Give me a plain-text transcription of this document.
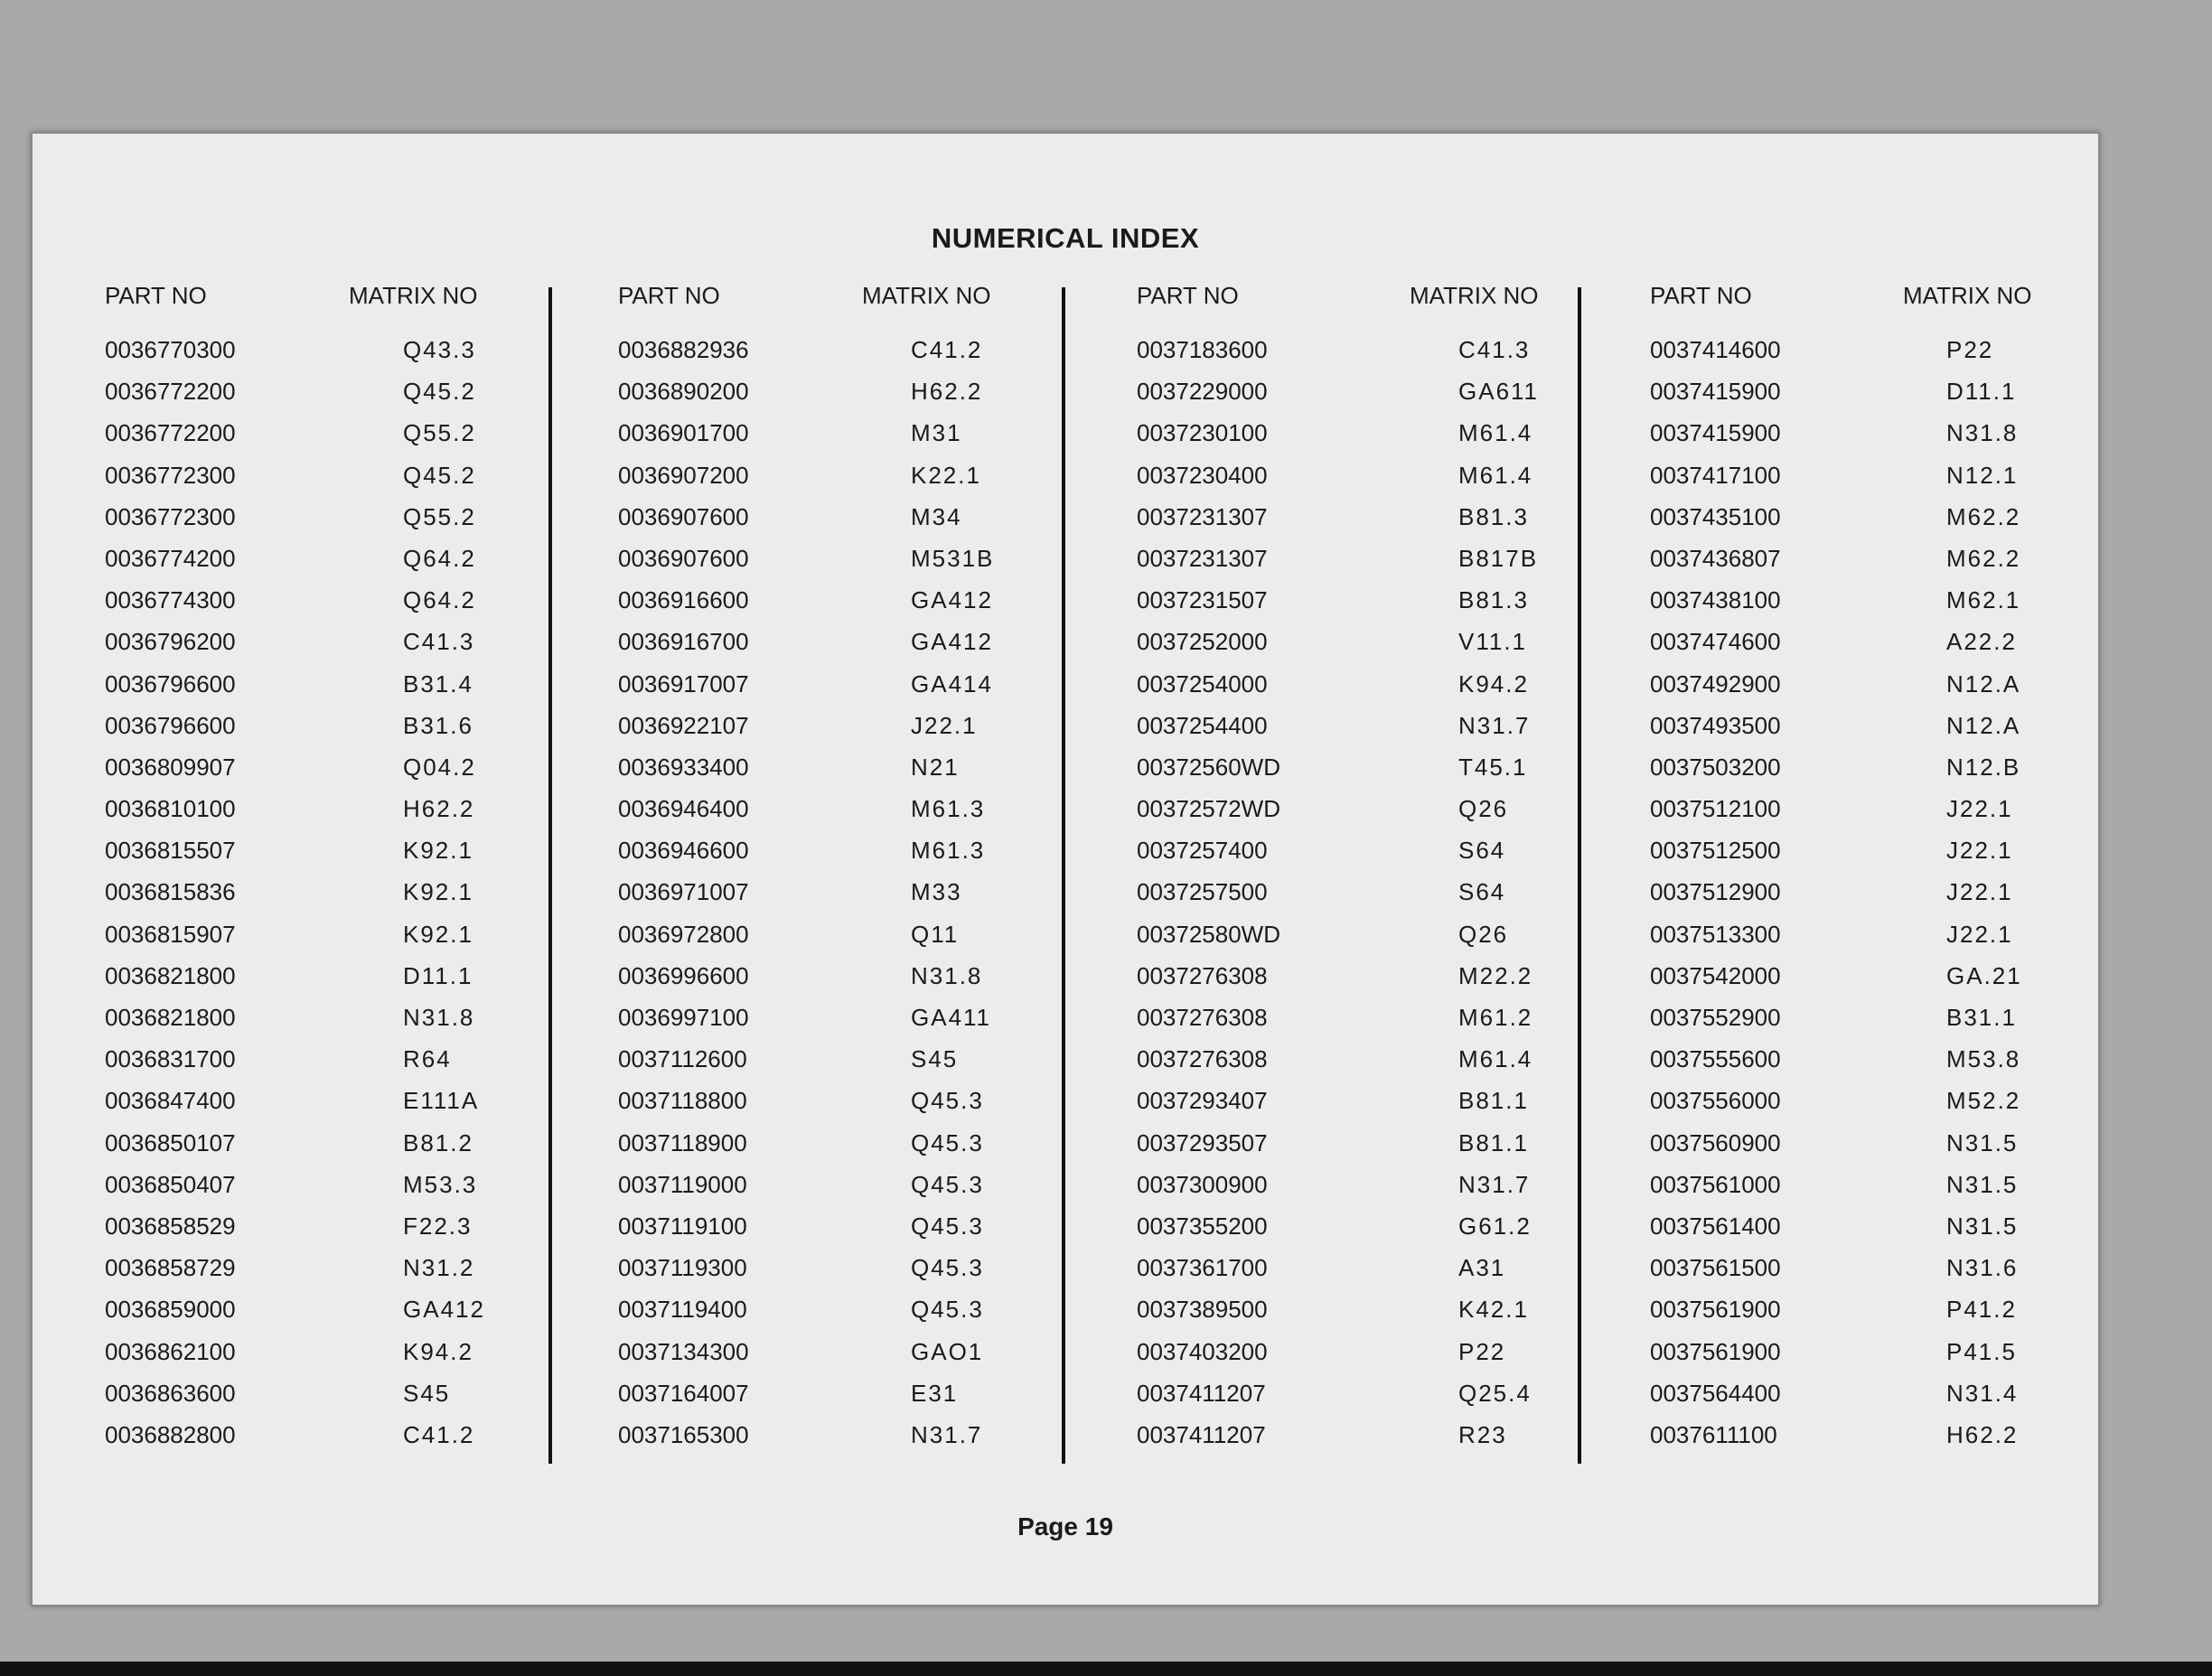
NUMERICAL INDEX
PART NO	MATRIX NO
0036770300	Q43.3
0036772200	Q45.2
0036772200	Q55.2
0036772300	Q45.2
0036772300	Q55.2
0036774200	Q64.2
0036774300	Q64.2
0036796200	C41.3
0036796600	B31.4
0036796600	B31.6
0036809907	Q04.2
0036810100	H62.2
0036815507	K92.1
0036815836	K92.1
0036815907	K92.1
0036821800	D11.1
0036821800	N31.8
0036831700	R64
0036847400	E111A
0036850107	B81.2
0036850407	M53.3
0036858529	F22.3
0036858729	N31.2
0036859000	GA412
0036862100	K94.2
0036863600	S45
0036882800	C41.2
PART NO	MATRIX NO
0036882936	C41.2
0036890200	H62.2
0036901700	M31
0036907200	K22.1
0036907600	M34
0036907600	M531B
0036916600	GA412
0036916700	GA412
0036917007	GA414
0036922107	J22.1
0036933400	N21
0036946400	M61.3
0036946600	M61.3
0036971007	M33
0036972800	Q11
0036996600	N31.8
0036997100	GA411
0037112600	S45
0037118800	Q45.3
0037118900	Q45.3
0037119000	Q45.3
0037119100	Q45.3
0037119300	Q45.3
0037119400	Q45.3
0037134300	GAO1
0037164007	E31
0037165300	N31.7
PART NO	MATRIX NO
0037183600	C41.3
0037229000	GA611
0037230100	M61.4
0037230400	M61.4
0037231307	B81.3
0037231307	B817B
0037231507	B81.3
0037252000	V11.1
0037254000	K94.2
0037254400	N31.7
00372560WD	T45.1
00372572WD	Q26
0037257400	S64
0037257500	S64
00372580WD	Q26
0037276308	M22.2
0037276308	M61.2
0037276308	M61.4
0037293407	B81.1
0037293507	B81.1
0037300900	N31.7
0037355200	G61.2
0037361700	A31
0037389500	K42.1
0037403200	P22
0037411207	Q25.4
0037411207	R23
PART NO	MATRIX NO
0037414600	P22
0037415900	D11.1
0037415900	N31.8
0037417100	N12.1
0037435100	M62.2
0037436807	M62.2
0037438100	M62.1
0037474600	A22.2
0037492900	N12.A
0037493500	N12.A
0037503200	N12.B
0037512100	J22.1
0037512500	J22.1
0037512900	J22.1
0037513300	J22.1
0037542000	GA.21
0037552900	B31.1
0037555600	M53.8
0037556000	M52.2
0037560900	N31.5
0037561000	N31.5
0037561400	N31.5
0037561500	N31.6
0037561900	P41.2
0037561900	P41.5
0037564400	N31.4
0037611100	H62.2
Page 19
